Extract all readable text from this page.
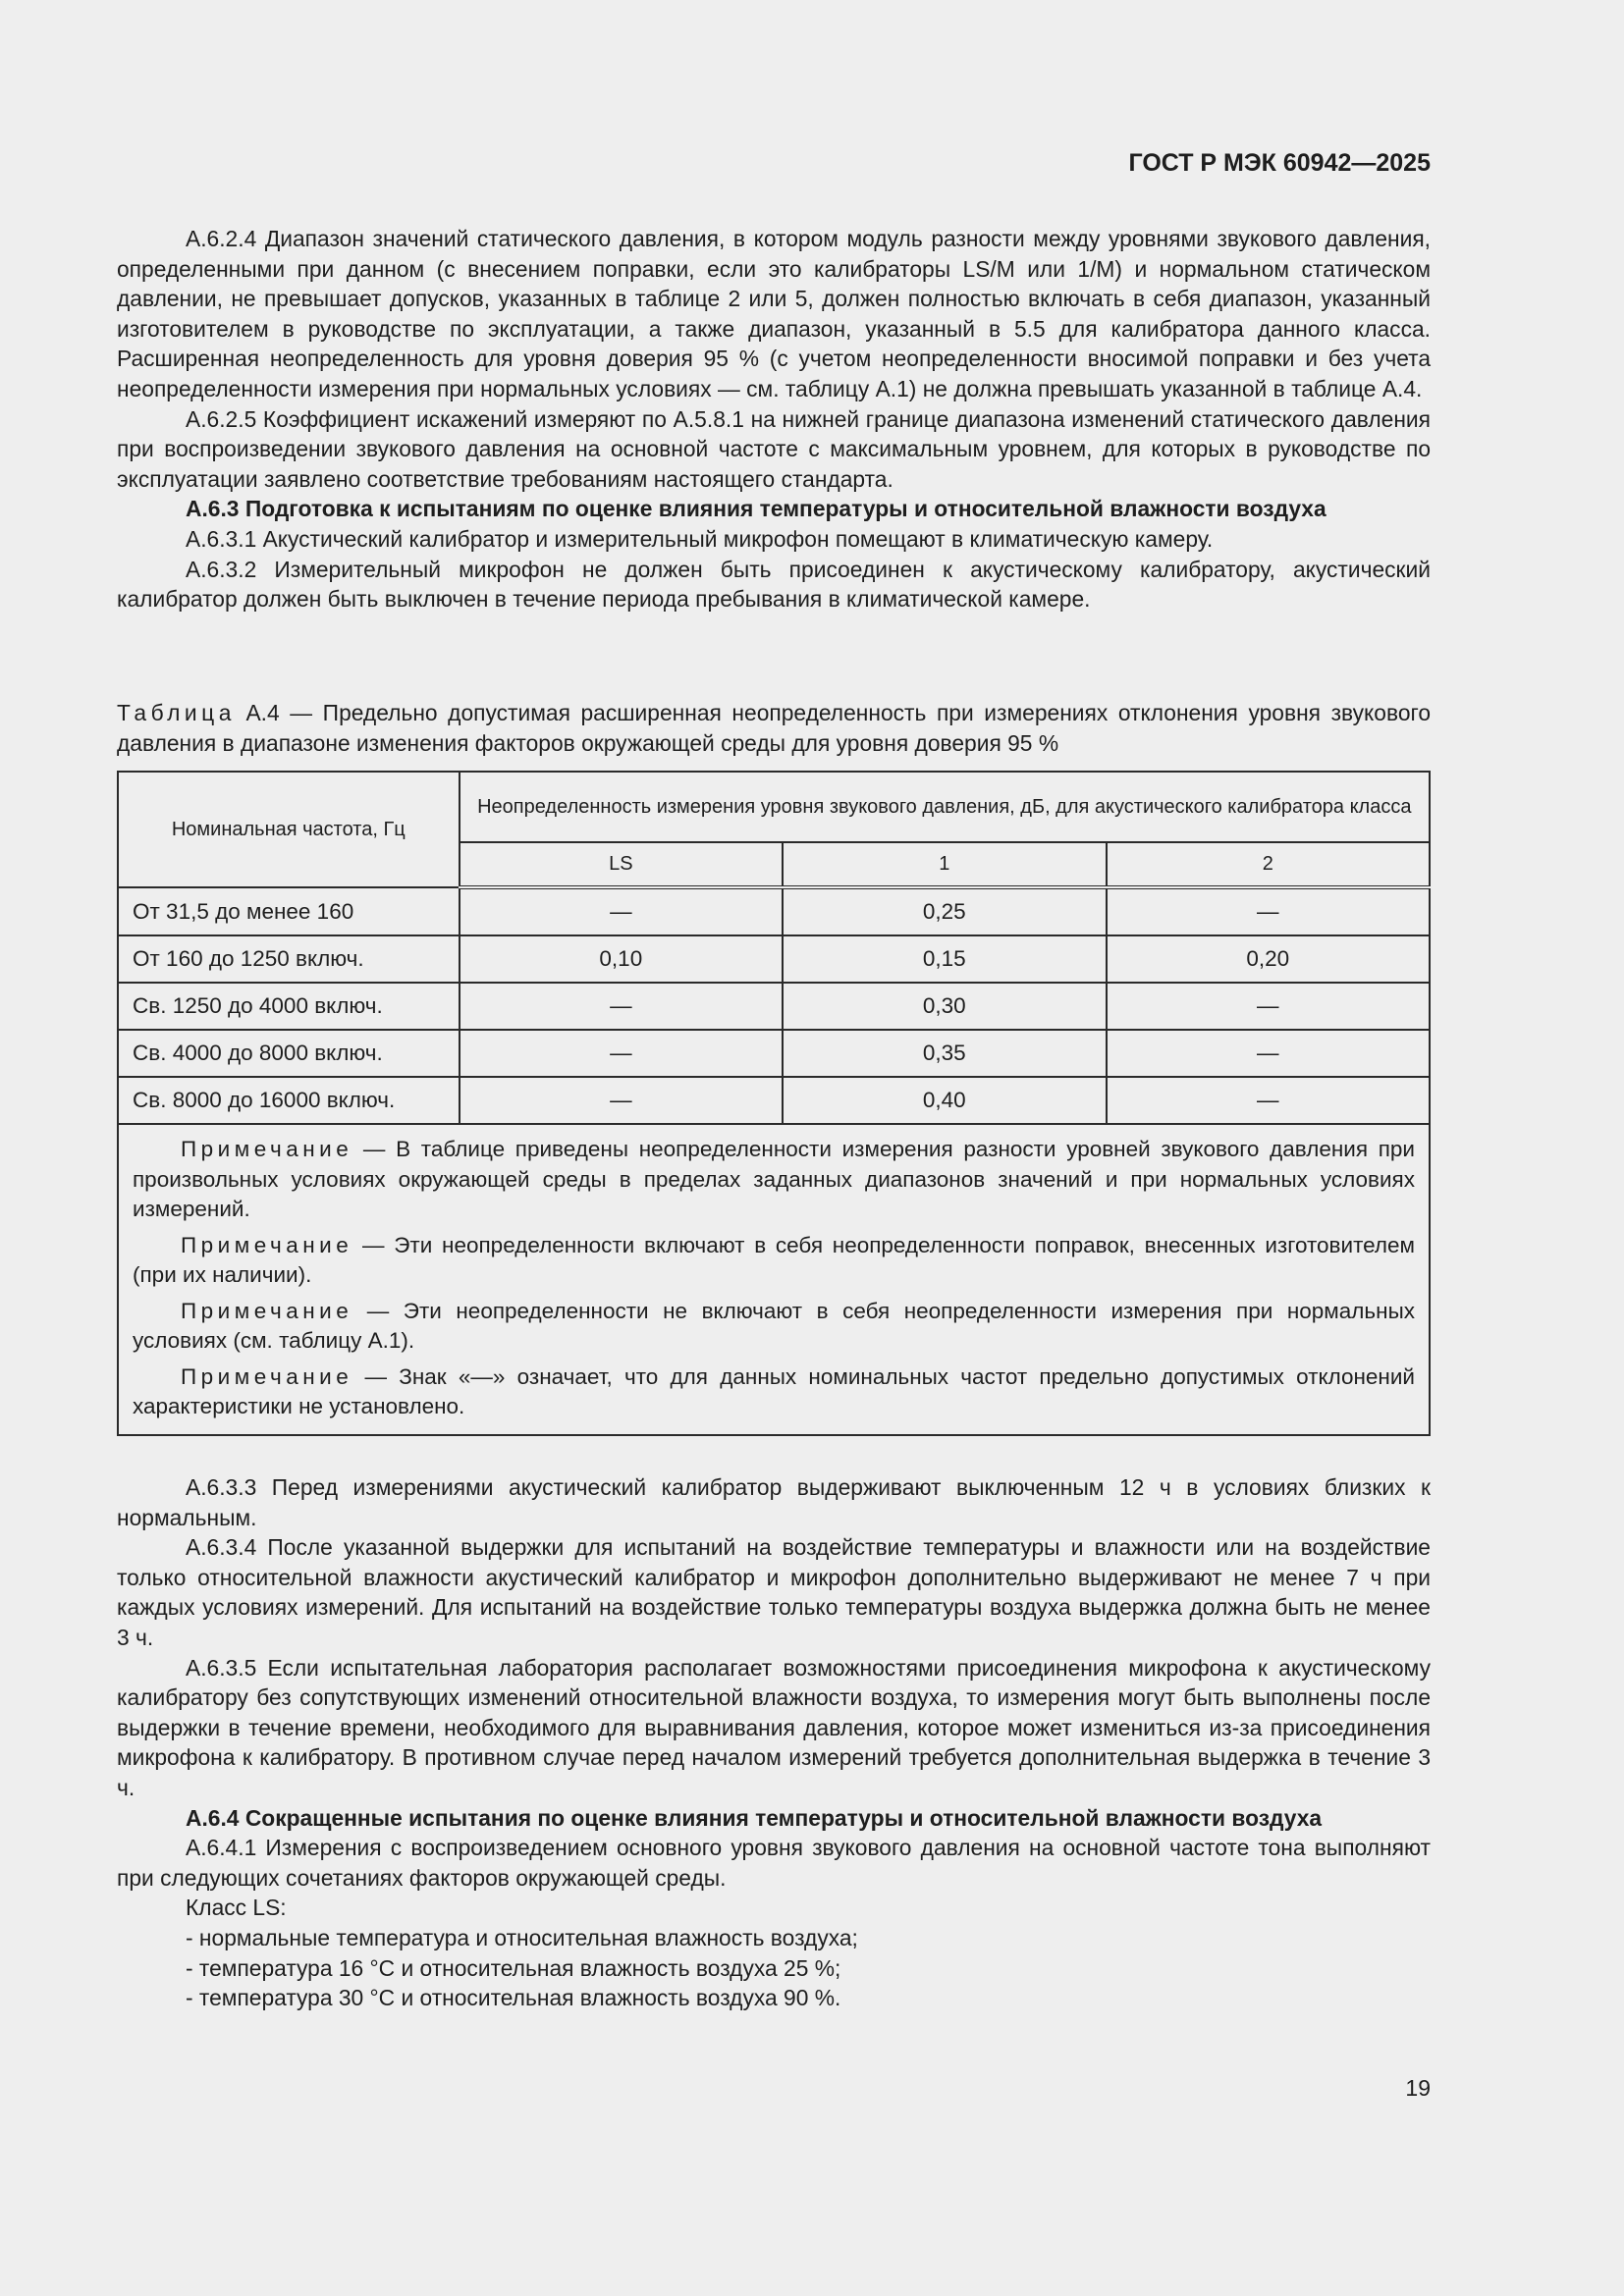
ГОСТ Р МЭК 60942—2025

А.6.2.4 Диапазон значений статического давления, в котором модуль разности между уровнями звукового давления, определенными при данном (с внесением поправки, если это калибраторы LS/M или 1/M) и нормальном статическом давлении, не превышает допусков, указанных в таблице 2 или 5, должен полностью включать в себя диапазон, указанный изготовителем в руководстве по эксплуатации, а также диапазон, указанный в 5.5 для калибратора данного класса. Расширенная неопределенность для уровня доверия 95 % (с учетом неопределенности вносимой поправки и без учета неопределенности измерения при нормальных условиях — см. таблицу А.1) не должна превышать указанной в таблице А.4.

А.6.2.5 Коэффициент искажений измеряют по А.5.8.1 на нижней границе диапазона изменений статического давления при воспроизведении звукового давления на основной частоте с максимальным уровнем, для которых в руководстве по эксплуатации заявлено соответствие требованиям настоящего стандарта.

А.6.3 Подготовка к испытаниям по оценке влияния температуры и относительной влажности воздуха

А.6.3.1 Акустический калибратор и измерительный микрофон помещают в климатическую камеру.

А.6.3.2 Измерительный микрофон не должен быть присоединен к акустическому калибратору, акустический калибратор должен быть выключен в течение периода пребывания в климатической камере.

Таблица А.4 — Предельно допустимая расширенная неопределенность при измерениях отклонения уровня звукового давления в диапазоне изменения факторов окружающей среды для уровня доверия 95 %

Номинальная частота, Гц	Неопределенность измерения уровня звукового давления, дБ, для акустического калибратора класса		
	LS	1	2
От 31,5 до менее 160	—	0,25	—
От 160 до 1250 включ.	0,10	0,15	0,20
Св. 1250 до 4000 включ.	—	0,30	—
Св. 4000 до 8000 включ.	—	0,35	—
Св. 8000 до 16000 включ.	—	0,40	—

Примечание — В таблице приведены неопределенности измерения разности уровней звукового давления при произвольных условиях окружающей среды в пределах заданных диапазонов значений и при нормальных условиях измерений.

Примечание — Эти неопределенности включают в себя неопределенности поправок, внесенных изготовителем (при их наличии).

Примечание — Эти неопределенности не включают в себя неопределенности измерения при нормальных условиях (см. таблицу А.1).

Примечание — Знак «—» означает, что для данных номинальных частот предельно допустимых отклонений характеристики не установлено.			

А.6.3.3 Перед измерениями акустический калибратор выдерживают выключенным 12 ч в условиях близких к нормальным.

А.6.3.4 После указанной выдержки для испытаний на воздействие температуры и влажности или на воздействие только относительной влажности акустический калибратор и микрофон дополнительно выдерживают не менее 7 ч при каждых условиях измерений. Для испытаний на воздействие только температуры воздуха выдержка должна быть не менее 3 ч.

А.6.3.5 Если испытательная лаборатория располагает возможностями присоединения микрофона к акустическому калибратору без сопутствующих изменений относительной влажности воздуха, то измерения могут быть выполнены после выдержки в течение времени, необходимого для выравнивания давления, которое может измениться из-за присоединения микрофона к калибратору. В противном случае перед началом измерений требуется дополнительная выдержка в течение 3 ч.

А.6.4 Сокращенные испытания по оценке влияния температуры и относительной влажности воздуха

А.6.4.1 Измерения с воспроизведением основного уровня звукового давления на основной частоте тона выполняют при следующих сочетаниях факторов окружающей среды.

Класс LS:

- нормальные температура и относительная влажность воздуха;

- температура 16 °С и относительная влажность воздуха 25 %;

- температура 30 °С и относительная влажность воздуха 90 %.

19
